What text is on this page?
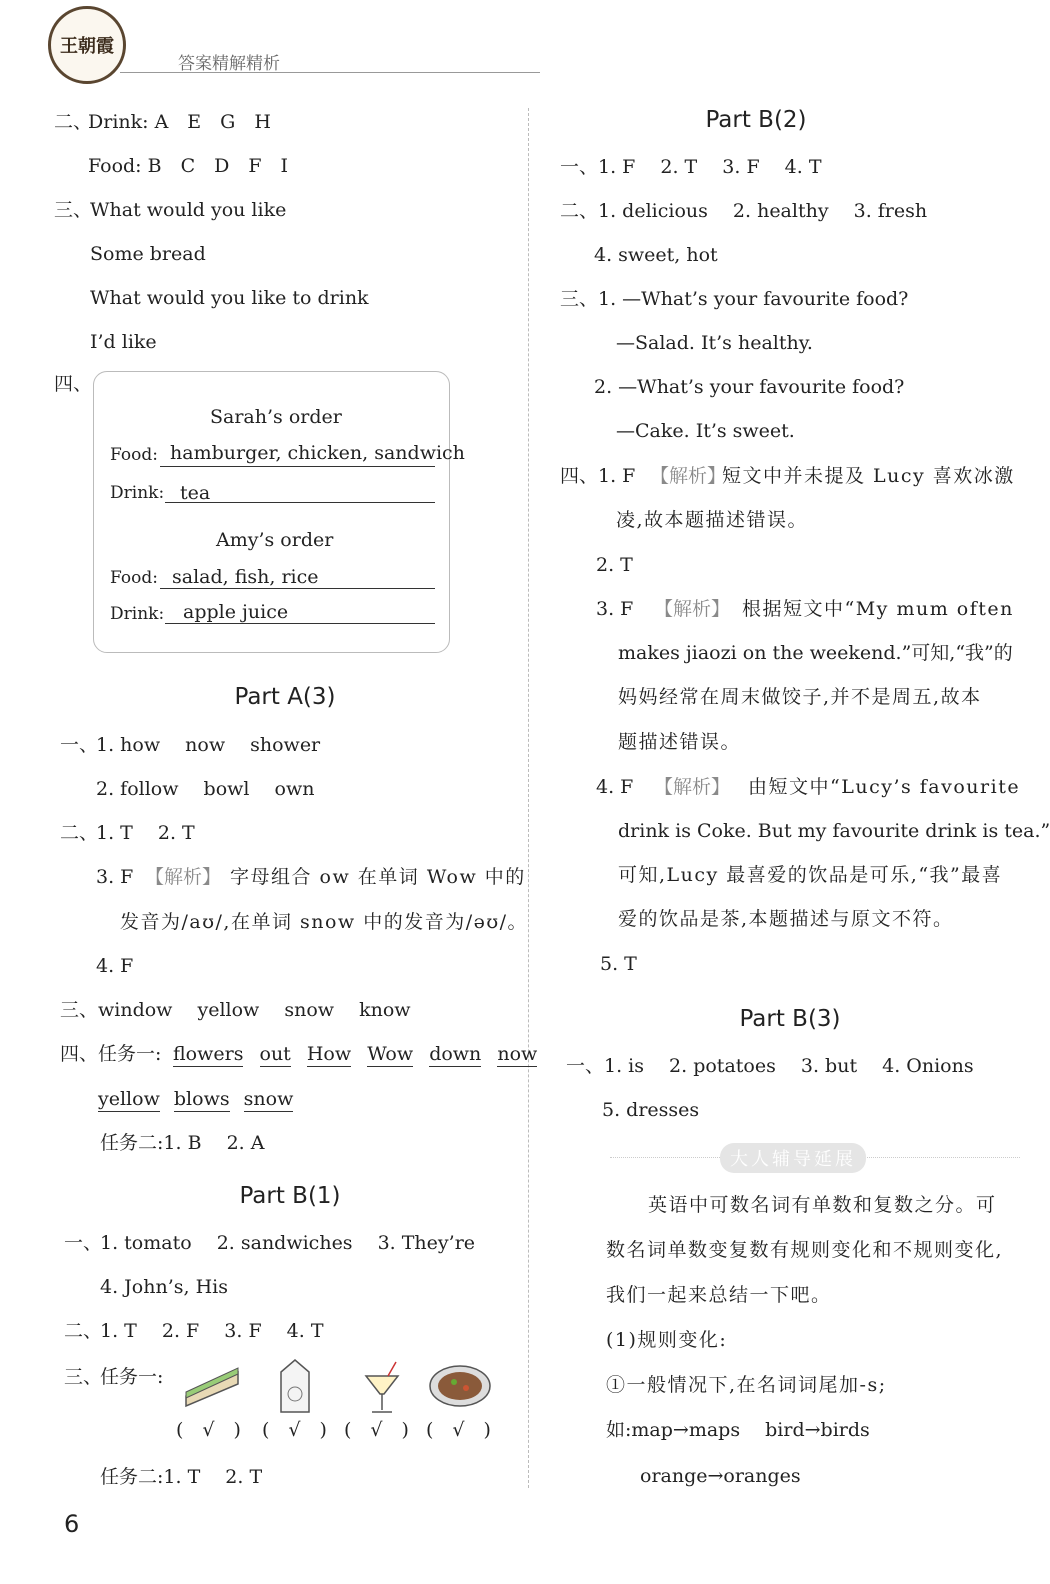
王朝霞
答案精解精析
二、
Drink: A　E　G　H
Food: B　C　D　F　I
三、
What would you like
Some bread
What would you like to drink
I’d like
四、
Sarah’s order
Food: hamburger, chicken, sandwich
Drink: tea
Amy’s order
Food: salad, fish, rice
Drink: apple juice
Part A(3)
一、
1. how　 now　 shower
2. follow　 bowl　 own
二、
1. T　 2. T
3. F 【解析】 字母组合 ow 在单词 Wow 中的
发音为/aʊ/,在单词 snow 中的发音为/əʊ/。
4. F
三、 window　 yellow　 snow　 know
四、 任务一: flowers out How Wow down now
yellow blows snow
任务二:1. B　 2. A
Part B(1)
一、
1. tomato　 2. sandwiches　 3. They’re
4. John’s, His
二、
1. T　 2. F　 3. F　 4. T
三、
任务一:
(　√　) (　√　) (　√　) (　√　)
任务二:1. T　 2. T
Part B(2)
一、1. F　 2. T　 3. F　 4. T
二、1. delicious　 2. healthy　 3. fresh
4. sweet, hot
三、1. —What’s your favourite food?
—Salad. It’s healthy.
2. —What’s your favourite food?
—Cake. It’s sweet.
四、1. F 【解析】
短文中并未提及 Lucy 喜欢冰激
凌,故本题描述错误。
2. T
3. F 【解析】 根据短文中“My mum often
makes jiaozi on the weekend.”可知,“我”的
妈妈经常在周末做饺子,并不是周五,故本
题描述错误。
4. F 【解析】 由短文中“Lucy’s favourite
drink is Coke. But my favourite drink is tea.”
可知,Lucy 最喜爱的饮品是可乐,“我”最喜
爱的饮品是茶,本题描述与原文不符。
5. T
Part B(3)
一、1. is　 2. potatoes　 3. but　 4. Onions
5. dresses
大人辅导延展
英语中可数名词有单数和复数之分。可
数名词单数变复数有规则变化和不规则变化,
我们一起来总结一下吧。
(1)规则变化:
①一般情况下,在名词词尾加-s;
如:map→maps　 bird→birds
orange→oranges
6
